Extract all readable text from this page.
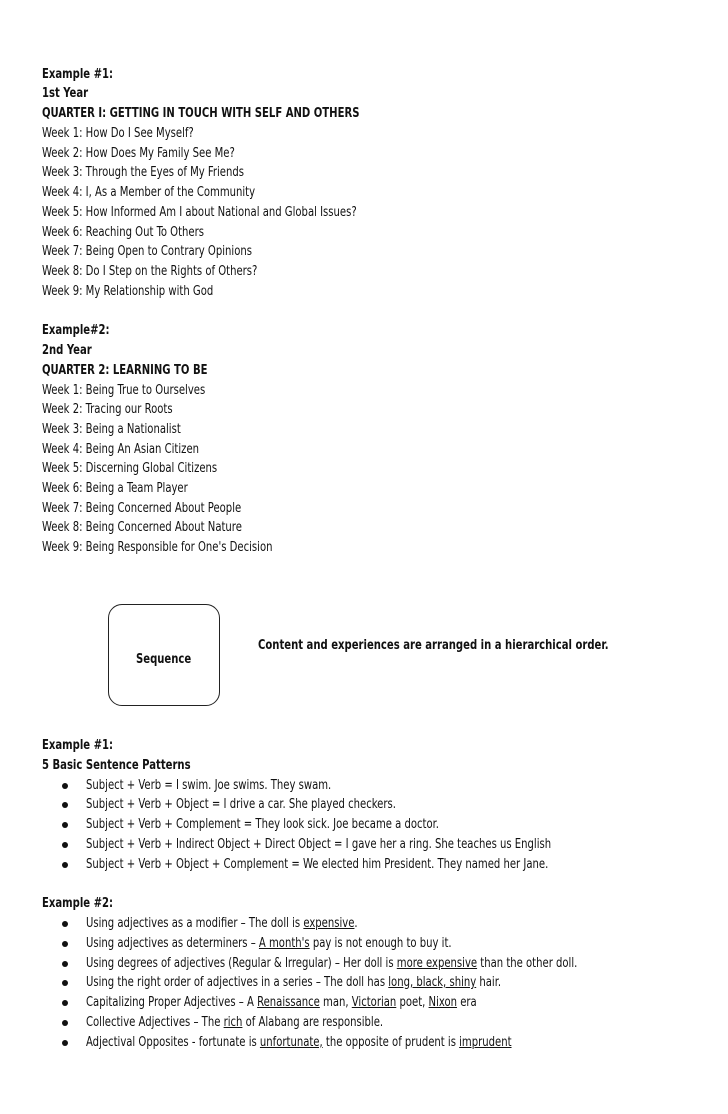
Example #1:
1st Year
QUARTER I: GETTING IN TOUCH WITH SELF AND OTHERS
Week 1: How Do I See Myself?
Week 2: How Does My Family See Me?
Week 3: Through the Eyes of My Friends
Week 4: I, As a Member of the Community
Week 5: How Informed Am I about National and Global Issues?
Week 6: Reaching Out To Others
Week 7: Being Open to Contrary Opinions
Week 8: Do I Step on the Rights of Others?
Week 9: My Relationship with God
Example#2:
2nd Year
QUARTER 2: LEARNING TO BE
Week 1: Being True to Ourselves
Week 2: Tracing our Roots
Week 3: Being a Nationalist
Week 4: Being An Asian Citizen
Week 5: Discerning Global Citizens
Week 6: Being a Team Player
Week 7: Being Concerned About People
Week 8: Being Concerned About Nature
Week 9: Being Responsible for One's Decision
Sequence
Content and experiences are arranged in a hierarchical order.
Example #1:
5 Basic Sentence Patterns
Subject + Verb = I swim. Joe swims. They swam.
Subject + Verb + Object = I drive a car. She played checkers.
Subject + Verb + Complement = They look sick. Joe became a doctor.
Subject + Verb + Indirect Object + Direct Object = I gave her a ring. She teaches us English
Subject + Verb + Object + Complement = We elected him President. They named her Jane.
Example #2:
Using adjectives as a modifier – The doll is expensive.
Using adjectives as determiners – A month's pay is not enough to buy it.
Using degrees of adjectives (Regular & Irregular) – Her doll is more expensive than the other doll.
Using the right order of adjectives in a series – The doll has long, black, shiny hair.
Capitalizing Proper Adjectives – A Renaissance man, Victorian poet, Nixon era
Collective Adjectives – The rich of Alabang are responsible.
Adjectival Opposites - fortunate is unfortunate, the opposite of prudent is imprudent
